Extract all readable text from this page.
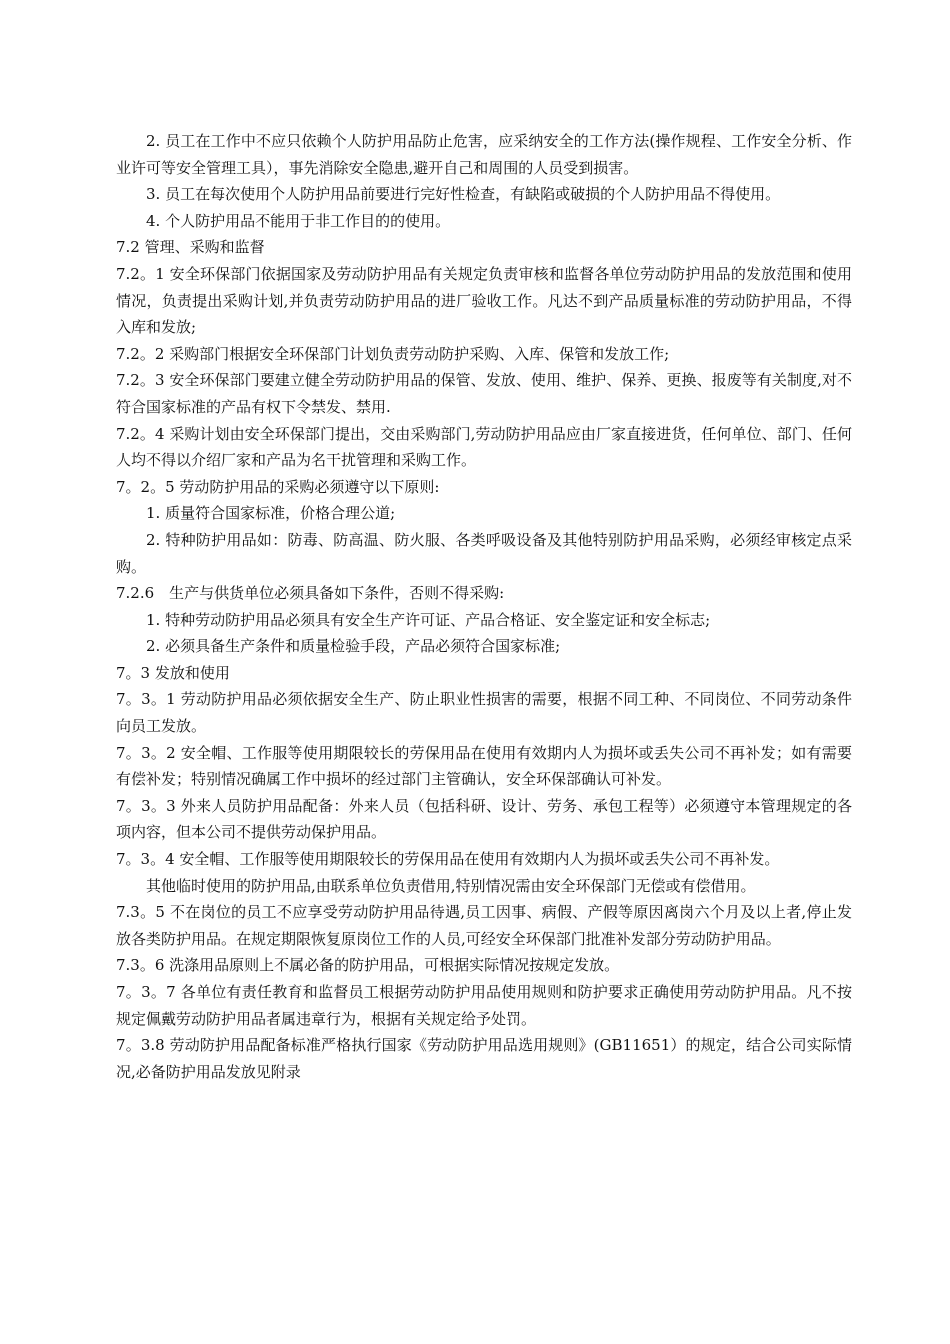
2. 员工在工作中不应只依赖个人防护用品防止危害，应采纳安全的工作方法(操作规程、工作安全分析、作业许可等安全管理工具），事先消除安全隐患,避开自己和周围的人员受到损害。

3. 员工在每次使用个人防护用品前要进行完好性检查，有缺陷或破损的个人防护用品不得使用。

4. 个人防护用品不能用于非工作目的的使用。

7.2 管理、采购和监督

7.2。1 安全环保部门依据国家及劳动防护用品有关规定负责审核和监督各单位劳动防护用品的发放范围和使用情况，负责提出采购计划,并负责劳动防护用品的进厂验收工作。凡达不到产品质量标准的劳动防护用品，不得入库和发放;

7.2。2 采购部门根据安全环保部门计划负责劳动防护采购、入库、保管和发放工作;

7.2。3 安全环保部门要建立健全劳动防护用品的保管、发放、使用、维护、保养、更换、报废等有关制度,对不符合国家标准的产品有权下令禁发、禁用.

7.2。4 采购计划由安全环保部门提出，交由采购部门,劳动防护用品应由厂家直接进货，任何单位、部门、任何人均不得以介绍厂家和产品为名干扰管理和采购工作。

7。2。5 劳动防护用品的采购必须遵守以下原则:

1. 质量符合国家标准，价格合理公道;

2. 特种防护用品如：防毒、防高温、防火服、各类呼吸设备及其他特别防护用品采购，必须经审核定点采购。

7.2.6　生产与供货单位必须具备如下条件，否则不得采购:

1. 特种劳动防护用品必须具有安全生产许可证、产品合格证、安全鉴定证和安全标志;

2. 必须具备生产条件和质量检验手段，产品必须符合国家标准;

7。3 发放和使用

7。3。1 劳动防护用品必须依据安全生产、防止职业性损害的需要，根据不同工种、不同岗位、不同劳动条件向员工发放。

7。3。2 安全帽、工作服等使用期限较长的劳保用品在使用有效期内人为损坏或丢失公司不再补发；如有需要有偿补发；特别情况确属工作中损坏的经过部门主管确认，安全环保部确认可补发。

7。3。3 外来人员防护用品配备：外来人员（包括科研、设计、劳务、承包工程等）必须遵守本管理规定的各项内容，但本公司不提供劳动保护用品。

7。3。4 安全帽、工作服等使用期限较长的劳保用品在使用有效期内人为损坏或丢失公司不再补发。

其他临时使用的防护用品,由联系单位负责借用,特别情况需由安全环保部门无偿或有偿借用。

7.3。5 不在岗位的员工不应享受劳动防护用品待遇,员工因事、病假、产假等原因离岗六个月及以上者,停止发放各类防护用品。在规定期限恢复原岗位工作的人员,可经安全环保部门批准补发部分劳动防护用品。

7.3。6 洗涤用品原则上不属必备的防护用品，可根据实际情况按规定发放。

7。3。7 各单位有责任教育和监督员工根据劳动防护用品使用规则和防护要求正确使用劳动防护用品。凡不按规定佩戴劳动防护用品者属违章行为，根据有关规定给予处罚。

7。3.8 劳动防护用品配备标准严格执行国家《劳动防护用品选用规则》(GB11651）的规定，结合公司实际情况,必备防护用品发放见附录
